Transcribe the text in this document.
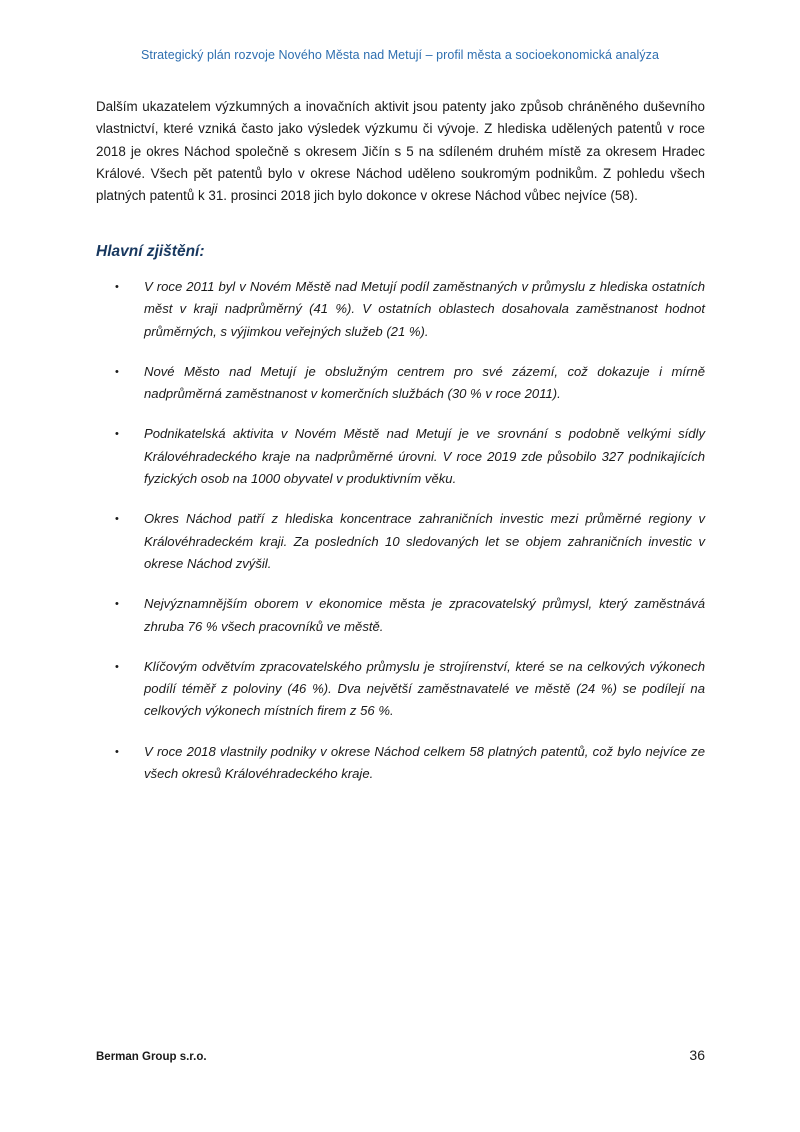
Strategický plán rozvoje Nového Města nad Metují – profil města a socioekonomická analýza

Dalším ukazatelem výzkumných a inovačních aktivit jsou patenty jako způsob chráněného duševního vlastnictví, které vzniká často jako výsledek výzkumu či vývoje. Z hlediska udělených patentů v roce 2018 je okres Náchod společně s okresem Jičín s 5 na sdíleném druhém místě za okresem Hradec Králové. Všech pět patentů bylo v okrese Náchod uděleno soukromým podnikům. Z pohledu všech platných patentů k 31. prosinci 2018 jich bylo dokonce v okrese Náchod vůbec nejvíce (58).

Hlavní zjištění:
• V roce 2011 byl v Novém Městě nad Metují podíl zaměstnaných v průmyslu z hlediska ostatních měst v kraji nadprůměrný (41 %). V ostatních oblastech dosahovala zaměstnanost hodnot průměrných, s výjimkou veřejných služeb (21 %).
• Nové Město nad Metují je obslužným centrem pro své zázemí, což dokazuje i mírně nadprůměrná zaměstnanost v komerčních službách (30 % v roce 2011).
• Podnikatelská aktivita v Novém Městě nad Metují je ve srovnání s podobně velkými sídly Královéhradeckého kraje na nadprůměrné úrovni. V roce 2019 zde působilo 327 podnikajících fyzických osob na 1000 obyvatel v produktivním věku.
• Okres Náchod patří z hlediska koncentrace zahraničních investic mezi průměrné regiony v Královéhradeckém kraji. Za posledních 10 sledovaných let se objem zahraničních investic v okrese Náchod zvýšil.
• Nejvýznamnějším oborem v ekonomice města je zpracovatelský průmysl, který zaměstnává zhruba 76 % všech pracovníků ve městě.
• Klíčovým odvětvím zpracovatelského průmyslu je strojírenství, které se na celkových výkonech podílí téměř z poloviny (46 %). Dva největší zaměstnavatelé ve městě (24 %) se podílejí na celkových výkonech místních firem z 56 %.
• V roce 2018 vlastnily podniky v okrese Náchod celkem 58 platných patentů, což bylo nejvíce ze všech okresů Královéhradeckého kraje.
Berman Group s.r.o.	36
